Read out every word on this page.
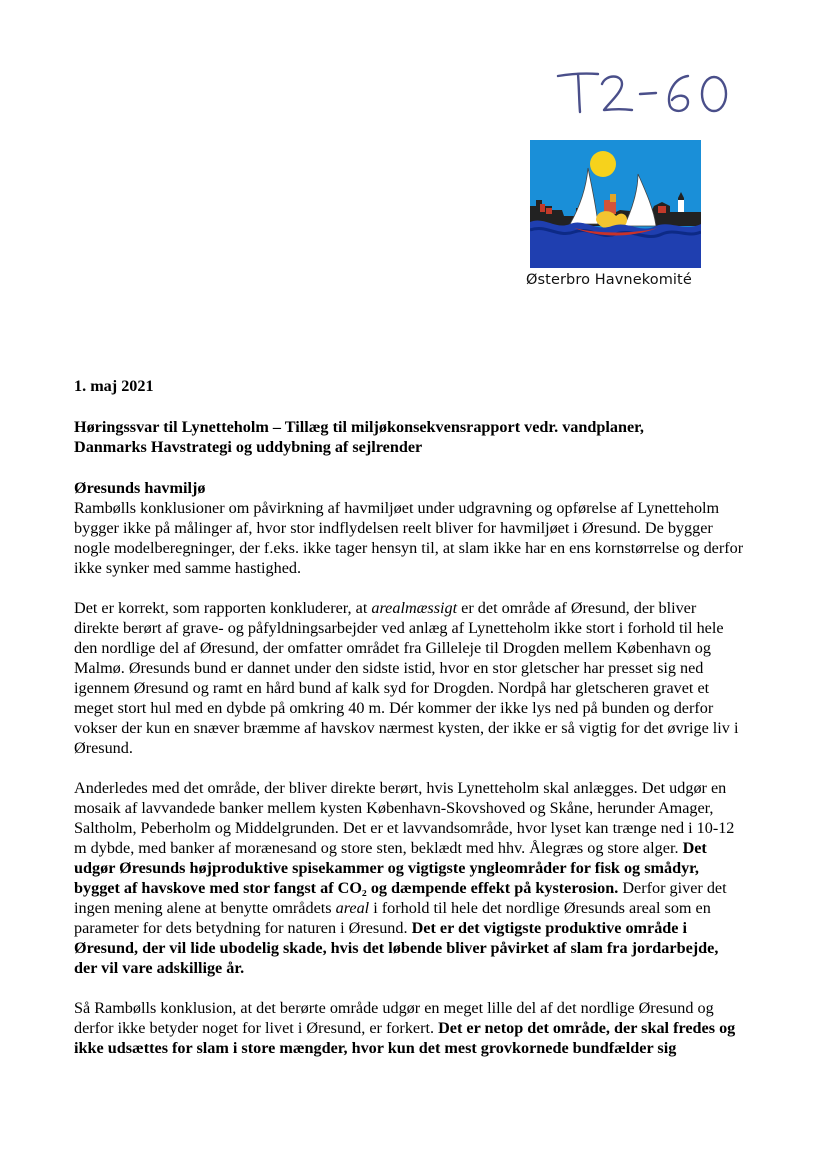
Østerbro Havnekomité

1. maj 2021

Høringssvar til Lynetteholm – Tillæg til miljøkonsekvensrapport vedr. vandplaner,
Danmarks Havstrategi og uddybning af sejlrender

Øresunds havmiljø

Rambølls konklusioner om påvirkning af havmiljøet under udgravning og opførelse af Lynetteholm bygger ikke på målinger af, hvor stor indflydelsen reelt bliver for havmiljøet i Øresund. De bygger nogle modelberegninger, der f.eks. ikke tager hensyn til, at slam ikke har en ens kornstørrelse og derfor ikke synker med samme hastighed.

Det er korrekt, som rapporten konkluderer, at arealmæssigt er det område af Øresund, der bliver direkte berørt af grave- og påfyldningsarbejder ved anlæg af Lynetteholm ikke stort i forhold til hele den nordlige del af Øresund, der omfatter området fra Gilleleje til Drogden mellem København og Malmø. Øresunds bund er dannet under den sidste istid, hvor en stor gletscher har presset sig ned igennem Øresund og ramt en hård bund af kalk syd for Drogden. Nordpå har gletscheren gravet et meget stort hul med en dybde på omkring 40 m. Dér kommer der ikke lys ned på bunden og derfor vokser der kun en snæver bræmme af havskov nærmest kysten, der ikke er så vigtig for det øvrige liv i Øresund.

Anderledes med det område, der bliver direkte berørt, hvis Lynetteholm skal anlægges. Det udgør en mosaik af lavvandede banker mellem kysten København-Skovshoved og Skåne, herunder Amager, Saltholm, Peberholm og Middelgrunden. Det er et lavvandsområde, hvor lyset kan trænge ned i 10-12 m dybde, med banker af morænesand og store sten, beklædt med hhv. Ålegræs og store alger. Det udgør Øresunds højproduktive spisekammer og vigtigste yngleområder for fisk og smådyr, bygget af havskove med stor fangst af CO₂ og dæmpende effekt på kysterosion. Derfor giver det ingen mening alene at benytte områdets areal i forhold til hele det nordlige Øresunds areal som en parameter for dets betydning for naturen i Øresund. Det er det vigtigste produktive område i Øresund, der vil lide ubodelig skade, hvis det løbende bliver påvirket af slam fra jordarbejde, der vil vare adskillige år.

Så Rambølls konklusion, at det berørte område udgør en meget lille del af det nordlige Øresund og derfor ikke betyder noget for livet i Øresund, er forkert. Det er netop det område, der skal fredes og ikke udsættes for slam i store mængder, hvor kun det mest grovkornede bundfælder sig
